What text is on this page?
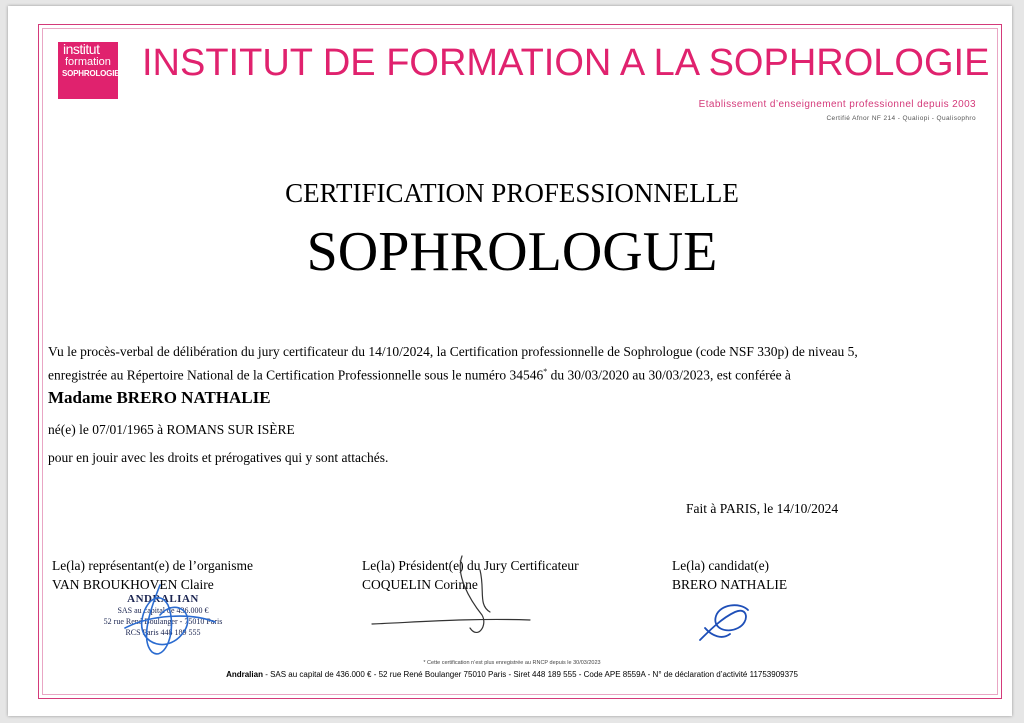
institut
formation
SOPHROLOGIE INSTITUT DE FORMATION A LA SOPHROLOGIE
Etablissement d’enseignement professionnel depuis 2003
Certifié Afnor NF 214 - Qualiopi - Qualisophro
CERTIFICATION PROFESSIONNELLE
SOPHROLOGUE

Vu le procès-verbal de délibération du jury certificateur du 14/10/2024, la Certification professionnelle de Sophrologue (code NSF 330p) de niveau 5,

enregistrée au Répertoire National de la Certification Professionnelle sous le numéro 34546* du 30/03/2020 au 30/03/2023, est conférée à

Madame BRERO NATHALIE
né(e) le 07/01/1965 à ROMANS SUR ISÈRE
pour en jouir avec les droits et prérogatives qui y sont attachés.
Fait à PARIS, le 14/10/2024
Le(la) représentant(e) de l’organisme
VAN BROUKHOVEN Claire
Le(la) Président(e) du Jury Certificateur
COQUELIN Corinne
Le(la) candidat(e)
BRERO NATHALIE
ANDRALIAN
SAS au capital de 436.000 €
52 rue René Boulanger - 75010 Paris
RCS Paris 448 189 555
* Cette certification n’est plus enregistrée au RNCP depuis le 30/03/2023
Andralian - SAS au capital de 436.000 € - 52 rue René Boulanger 75010 Paris - Siret 448 189 555 - Code APE 8559A - N° de déclaration d’activité 11753909375
